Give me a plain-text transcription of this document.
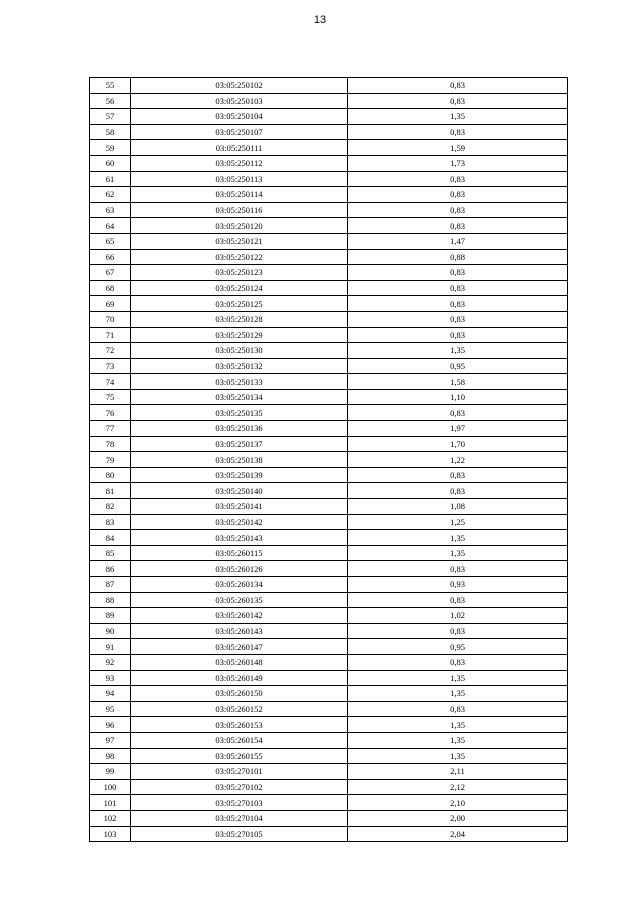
13
55	03:05:250102	0,83
56	03:05:250103	0,83
57	03:05:250104	1,35
58	03:05:250107	0,83
59	03:05:250111	1,59
60	03:05:250112	1,73
61	03:05:250113	0,83
62	03:05:250114	0,83
63	03:05:250116	0,83
64	03:05:250120	0,83
65	03:05:250121	1,47
66	03:05:250122	0,88
67	03:05:250123	0,83
68	03:05:250124	0,83
69	03:05:250125	0,83
70	03:05:250128	0,83
71	03:05:250129	0,83
72	03:05:250130	1,35
73	03:05:250132	0,95
74	03:05:250133	1,58
75	03:05:250134	1,10
76	03:05:250135	0,83
77	03:05:250136	1,97
78	03:05:250137	1,70
79	03:05:250138	1,22
80	03:05:250139	0,83
81	03:05:250140	0,83
82	03:05:250141	1,08
83	03:05:250142	1,25
84	03:05:250143	1,35
85	03:05:260115	1,35
86	03:05:260126	0,83
87	03:05:260134	0,93
88	03:05:260135	0,83
89	03:05:260142	1,02
90	03:05:260143	0,83
91	03:05:260147	0,95
92	03:05:260148	0,83
93	03:05:260149	1,35
94	03:05:260150	1,35
95	03:05:260152	0,83
96	03:05:260153	1,35
97	03:05:260154	1,35
98	03:05:260155	1,35
99	03:05:270101	2,11
100	03:05:270102	2,12
101	03:05:270103	2,10
102	03:05:270104	2,00
103	03:05:270105	2,04
